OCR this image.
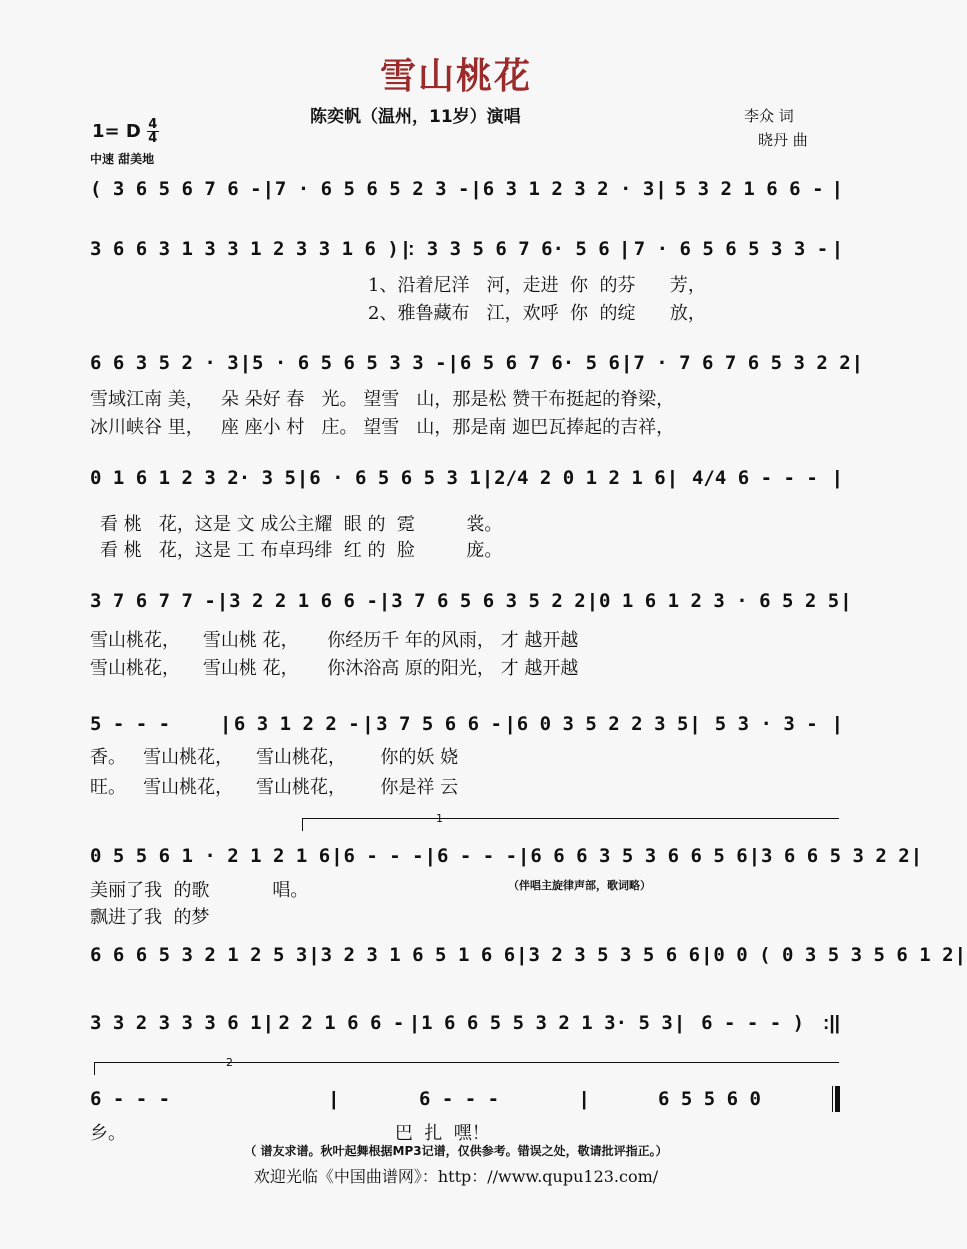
雪山桃花
陈奕帆（温州，11岁）演唱	李众 词
晓丹 曲
1= D $\frac{4}{4}$
中速 甜美地
( 3 6 5 6 7 6 - | 7 · 6 5 6 5 2 3 - | 6 3 1 2 3 2 · 3 | 5 3 2 1 6 6 - |
3 6 6 3 1 3 3 1 2 3 3 1 6 ) |: 3 3 5 6 7 6· 5 6 | 7 · 6 5 6 5 3 3 - |
1、沿着尼洋   河，走进  你  的芬      芳，
2、雅鲁藏布   江，欢呼  你  的绽      放，
6 6 3 5 2 · 3 | 5 · 6 5 6 5 3 3 - | 6 5 6 7 6· 5 6 | 7 · 7 6 7 6 5 3 2 2 |
雪域江南 美，   朵 朵好 春   光。 望雪   山，那是松 赞干布挺起的脊梁，
冰川峡谷 里，   座 座小 村   庄。 望雪   山，那是南 迦巴瓦捧起的吉祥，
0 1 6 1 2 3 2· 3 5 | 6 · 6 5 6 5 3 1 | 2/4 2 0 1 2 1 6 | 4/4 6 - - - |
看 桃   花，这是 文 成公主耀  眼 的  霓         裳。
看 桃   花，这是 工 布卓玛绯  红 的  脸         庞。
3 7 6 7 7 - | 3 2 2 1 6 6 - | 3 7 6 5 6 3 5 2 2 | 0 1 6 1 2 3 · 6 5 2 5 |
雪山桃花，    雪山桃 花，     你经历千 年的风雨， 才 越开越
雪山桃花，    雪山桃 花，     你沐浴高 原的阳光， 才 越开越
5 - - -	| 6 3 1 2 2 - | 3 7 5 6 6 - | 6 0 3 5 2 2 3 5 | 5 3 · 3 - |
香。   雪山桃花，    雪山桃花，      你的妖 娆
旺。   雪山桃花，    雪山桃花，      你是祥 云
1
0 5 5 6 1 · 2 1 2 1 6 | 6 - - - | 6 - - - | 6 6 6 3 5 3 6 6 5 6 | 3 6 6 5 3 2 2 |
美丽了我  的歌           唱。
飘进了我  的梦
（伴唱主旋律声部，歌词略）
6 6 6 5 3 2 1 2 5 3 | 3 2 3 1 6 5 1 6 6 | 3 2 3 5 3 5 6 6 | 0 0 ( 0 3 5 3 5 6 1 2 |
3 3 2 3 3 3 6 1 | 2 2 1 6 6 - | 1 6 6 5 5 3 2 1 3· 5 3 | 6 - - - ) :||
2
6 - - -	|	6 - - -	|	6 5 5 6 0
乡。                                               巴  扎  嘿！
（ 谱友求谱。秋叶起舞根据MP3记谱，仅供参考。错误之处，敬请批评指正。）
欢迎光临《中国曲谱网》：http：//www.qupu123.com/
